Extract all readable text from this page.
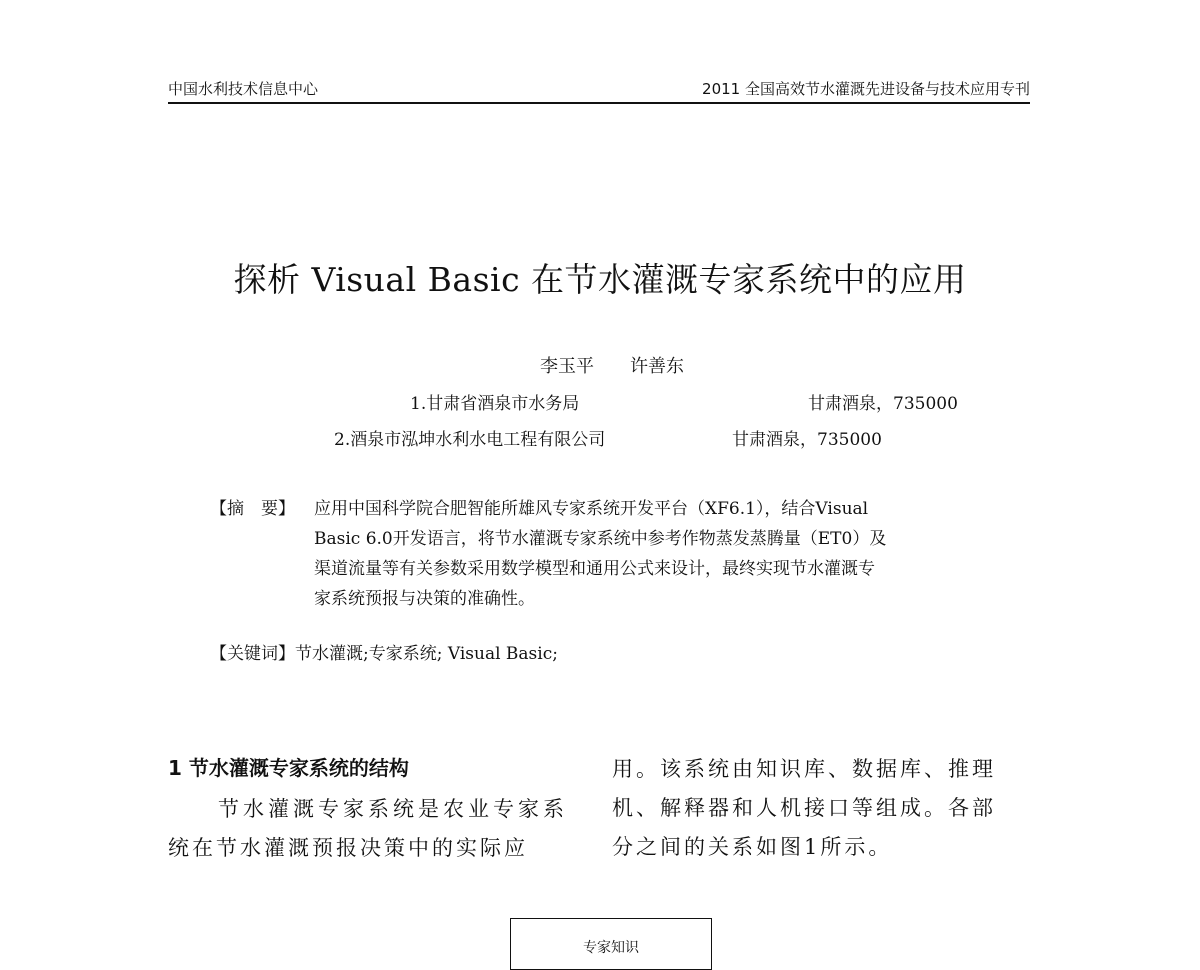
中国水利技术信息中心	2011 全国高效节水灌溉先进设备与技术应用专刊
探析 Visual Basic 在节水灌溉专家系统中的应用
李玉平 许善东
1.甘肃省酒泉市水务局	甘肃酒泉，735000
2.酒泉市泓坤水利水电工程有限公司	甘肃酒泉，735000
【摘　要】 应用中国科学院合肥智能所雄风专家系统开发平台（XF6.1），结合Visual
Basic 6.0开发语言，将节水灌溉专家系统中参考作物蒸发蒸腾量（ET0）及
渠道流量等有关参数采用数学模型和通用公式来设计，最终实现节水灌溉专
家系统预报与决策的准确性。
【关键词】节水灌溉;专家系统; Visual Basic;
1 节水灌溉专家系统的结构
节水灌溉专家系统是农业专家系
统在节水灌溉预报决策中的实际应
用。该系统由知识库、数据库、推理
机、解释器和人机接口等组成。各部
分之间的关系如图1所示。
专家知识
